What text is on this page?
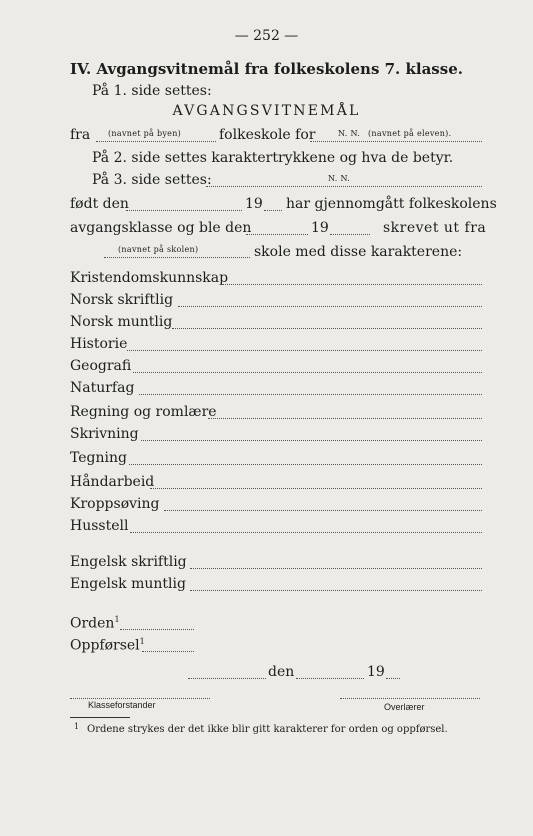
— 252 —
IV. Avgangsvitnemål fra folkeskolens 7. klasse.
På 1. side settes:
AVGANGSVITNEMÅL
fra (navnet på byen)	folkeskole for	N. N. (navnet på eleven).
På 2. side settes karaktertrykkene og hva de betyr.
På 3. side settes:	N. N.
født den	19 har gjennomgått folkeskolens
avgangsklasse og ble den	19	skrevet ut fra
(navnet på skolen)	skole med disse karakterene:
Kristendomskunnskap
Norsk skriftlig
Norsk muntlig
Historie
Geografi
Naturfag
Regning og romlære
Skrivning
Tegning
Håndarbeid
Kroppsøving
Husstell
Engelsk skriftlig
Engelsk muntlig
Orden$^1$
Oppførsel$^1$
den	19
Klasseforstander	Overlærer
1 Ordene strykes der det ikke blir gitt karakterer for orden og oppførsel.
